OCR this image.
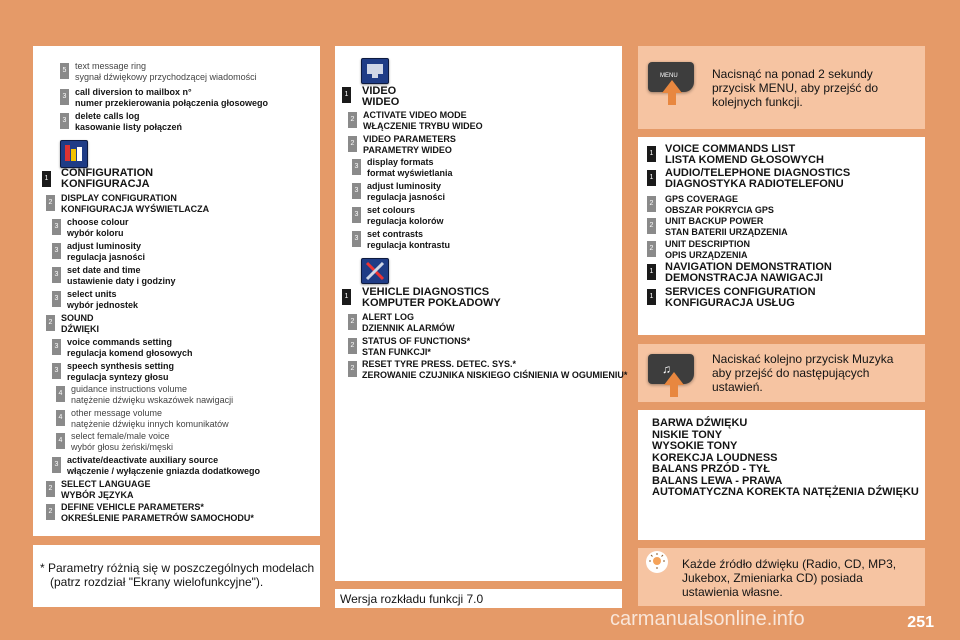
5 text message ring
sygnał dźwiękowy przychodzącej wiadomości
3 call diversion to mailbox n°
numer przekierowania połączenia głosowego
3 delete calls log
kasowanie listy połączeń
2 DISPLAY CONFIGURATION
KONFIGURACJA WYŚWIETLACZA
3 choose colour
wybór koloru
3 adjust luminosity
regulacja jasności
3 set date and time
ustawienie daty i godziny
3 select units
wybór jednostek
2 SOUND
DŹWIĘKI
3 voice commands setting
regulacja komend głosowych
3 speech synthesis setting
regulacja syntezy głosu
4 guidance instructions volume
natężenie dźwięku wskazówek nawigacji
4 other message volume
natężenie dźwięku innych komunikatów
4 select female/male voice
wybór głosu żeński/męski
3 activate/deactivate auxiliary source
włączenie / wyłączenie gniazda dodatkowego
2 SELECT LANGUAGE
WYBÓR JĘZYKA
2 DEFINE VEHICLE PARAMETERS*
OKREŚLENIE PARAMETRÓW SAMOCHODU*
1 CONFIGURATION
KONFIGURACJA
* Parametry różnią się w poszczególnych modelach
(patrz rozdział "Ekrany wielofunkcyjne").
1 VIDEO
WIDEO
2 ACTIVATE VIDEO MODE
WŁĄCZENIE TRYBU WIDEO
2 VIDEO PARAMETERS
PARAMETRY WIDEO
3 display formats
format wyświetlania
3 adjust luminosity
regulacja jasności
3 set colours
regulacja kolorów
3 set contrasts
regulacja kontrastu
1 VEHICLE DIAGNOSTICS
KOMPUTER POKŁADOWY
2 ALERT LOG
DZIENNIK ALARMÓW
2 STATUS OF FUNCTIONS*
STAN FUNKCJI*
2 RESET TYRE PRESS. DETEC. SYS.*
ZEROWANIE CZUJNIKA NISKIEGO CIŚNIENIA W OGUMIENIU*
Wersja rozkładu funkcji 7.0
MENU	Nacisnąć na ponad 2 sekundy przycisk MENU, aby przejść do kolejnych funkcji.
1 VOICE COMMANDS LIST
LISTA KOMEND GŁOSOWYCH
1 AUDIO/TELEPHONE DIAGNOSTICS
DIAGNOSTYKA RADIOTELEFONU
2 GPS COVERAGE
OBSZAR POKRYCIA GPS
2 UNIT BACKUP POWER
STAN BATERII URZĄDZENIA
2 UNIT DESCRIPTION
OPIS URZĄDZENIA
1 NAVIGATION DEMONSTRATION
DEMONSTRACJA NAWIGACJI
1 SERVICES CONFIGURATION
KONFIGURACJA USŁUG
♫
Naciskać kolejno przycisk Muzyka aby przejść do następujących ustawień.
BARWA DŹWIĘKU
NISKIE TONY
WYSOKIE TONY
KOREKCJA LOUDNESS
BALANS PRZÓD - TYŁ
BALANS LEWA - PRAWA
AUTOMATYCZNA KOREKTA NATĘŻENIA DŹWIĘKU
Każde źródło dźwięku (Radio, CD, MP3, Jukebox, Zmieniarka CD) posiada ustawienia własne.
251
carmanualsonline.info
